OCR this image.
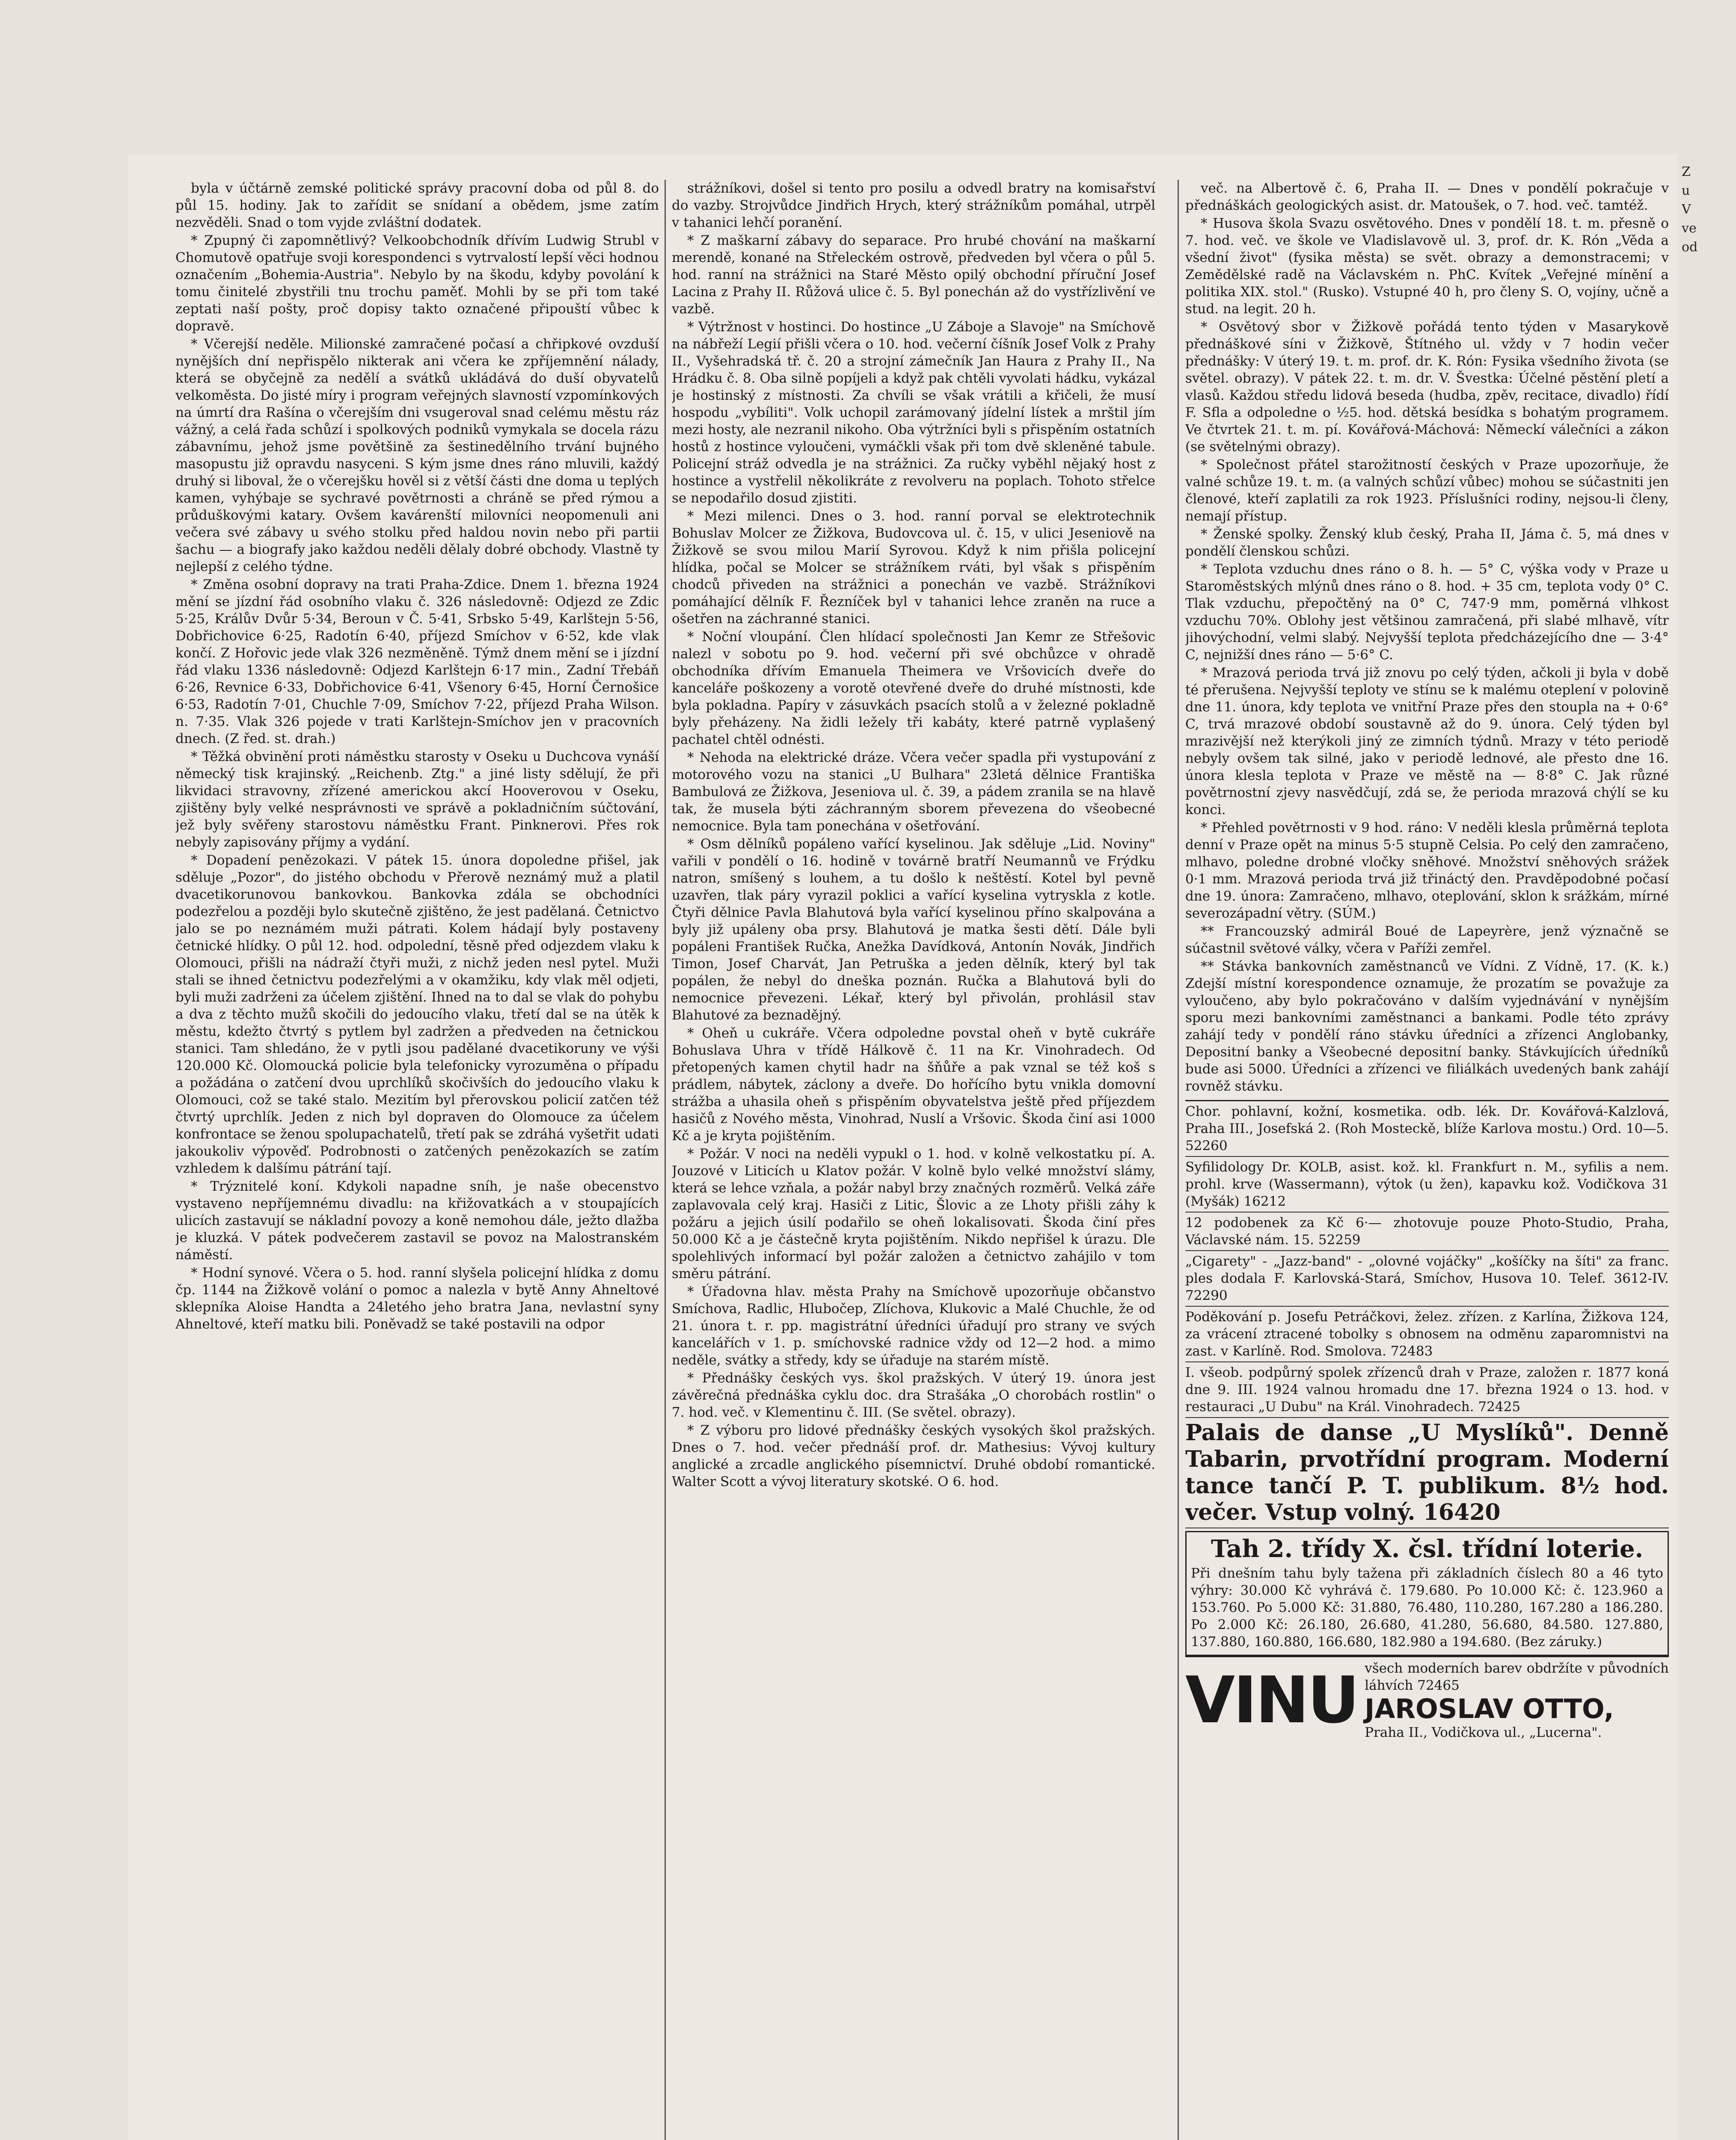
byla v účtárně zemské politické správy pracovní doba od půl 8. do půl 15. hodiny. Jak to zařídit se snídaní a obědem, jsme zatím nezvěděli. Snad o tom vyjde zvláštní dodatek.

* Zpupný či zapomnětlivý? Velkoobchodník dřívím Ludwig Strubl v Chomutově opatřuje svoji korespondenci s vytrvalostí lepší věci hodnou označením „Bohemia-Austria". Nebylo by na škodu, kdyby povolání k tomu činitelé zbystřili tnu trochu paměť. Mohli by se při tom také zeptati naší pošty, proč dopisy takto označené připouští vůbec k dopravě.

* Včerejší neděle. Milionské zamračené počasí a chřipkové ovzduší nynějších dní nepřispělo nikterak ani včera ke zpříjemnění nálady, která se obyčejně za nedělí a svátků ukládává do duší obyvatelů velkoměsta. Do jisté míry i program veřejných slavností vzpomínkových na úmrtí dra Rašína o včerejším dni vsugeroval snad celému městu ráz vážný, a celá řada schůzí i spolkových podniků vymykala se docela rázu zábavnímu, jehož jsme povětšině za šestinedělního trvání bujného masopustu již opravdu nasyceni. S kým jsme dnes ráno mluvili, každý druhý si liboval, že o včerejšku hověl si z větší části dne doma u teplých kamen, vyhýbaje se sychravé povětrnosti a chráně se před rýmou a průduškovými katary. Ovšem kavárenští milovníci neopomenuli ani večera své zábavy u svého stolku před haldou novin nebo při partii šachu — a biografy jako každou neděli dělaly dobré obchody. Vlastně ty nejlepší z celého týdne.

* Změna osobní dopravy na trati Praha-Zdice. Dnem 1. března 1924 mění se jízdní řád osobního vlaku č. 326 následovně: Odjezd ze Zdic 5·25, Králův Dvůr 5·34, Beroun v Č. 5·41, Srbsko 5·49, Karlštejn 5·56, Dobřichovice 6·25, Radotín 6·40, příjezd Smíchov v 6·52, kde vlak končí. Z Hořovic jede vlak 326 nezměněně. Týmž dnem mění se i jízdní řád vlaku 1336 následovně: Odjezd Karlštejn 6·17 min., Zadní Třebáň 6·26, Revnice 6·33, Dobřichovice 6·41, Všenory 6·45, Horní Černošice 6·53, Radotín 7·01, Chuchle 7·09, Smíchov 7·22, příjezd Praha Wilson. n. 7·35. Vlak 326 pojede v trati Karlštejn-Smíchov jen v pracovních dnech. (Z řed. st. drah.)

* Těžká obvinění proti náměstku starosty v Oseku u Duchcova vynáší německý tisk krajinský. „Reichenb. Ztg." a jiné listy sdělují, že při likvidaci stravovny, zřízené americkou akcí Hooverovou v Oseku, zjištěny byly velké nesprávnosti ve správě a pokladničním súčtování, jež byly svěřeny starostovu náměstku Frant. Pinknerovi. Přes rok nebyly zapisovány příjmy a vydání.

* Dopadení penězokazi. V pátek 15. února dopoledne přišel, jak sděluje „Pozor", do jistého obchodu v Přerově neznámý muž a platil dvacetikorunovou bankovkou. Bankovka zdála se obchodníci podezřelou a později bylo skutečně zjištěno, že jest padělaná. Četnictvo jalo se po neznámém muži pátrati. Kolem hádají byly postaveny četnické hlídky. O půl 12. hod. odpolední, těsně před odjezdem vlaku k Olomouci, přišli na nádraží čtyři muži, z nichž jeden nesl pytel. Muži stali se ihned četnictvu podezřelými a v okamžiku, kdy vlak měl odjeti, byli muži zadrženi za účelem zjištění. Ihned na to dal se vlak do pohybu a dva z těchto mužů skočili do jedoucího vlaku, třetí dal se na útěk k městu, kdežto čtvrtý s pytlem byl zadržen a předveden na četnickou stanici. Tam shledáno, že v pytli jsou padělané dvacetikoruny ve výši 120.000 Kč. Olomoucká policie byla telefonicky vyrozuměna o případu a požádána o zatčení dvou uprchlíků skočivších do jedoucího vlaku k Olomouci, což se také stalo. Mezitím byl přerovskou policií zatčen též čtvrtý uprchlík. Jeden z nich byl dopraven do Olomouce za účelem konfrontace se ženou spolupachatelů, třetí pak se zdráhá vyšetřit udati jakoukoliv výpověď. Podrobnosti o zatčených penězokazích se zatím vzhledem k dalšímu pátrání tají.

* Trýznitelé koní. Kdykoli napadne sníh, je naše obecenstvo vystaveno nepříjemnému divadlu: na křižovatkách a v stoupajících ulicích zastavují se nákladní povozy a koně nemohou dále, ježto dlažba je kluzká. V pátek podvečerem zastavil se povoz na Malostranském náměstí.

* Hodní synové. Včera o 5. hod. ranní slyšela policejní hlídka z domu čp. 1144 na Žižkově volání o pomoc a nalezla v bytě Anny Ahneltové sklepníka Aloise Handta a 24letého jeho bratra Jana, nevlastní syny Ahneltové, kteří matku bili. Poněvadž se také postavili na odpor

strážníkovi, došel si tento pro posilu a odvedl bratry na komisařství do vazby. Strojvůdce Jindřich Hrych, který strážníkům pomáhal, utrpěl v tahanici lehčí poranění.

* Z maškarní zábavy do separace. Pro hrubé chování na maškarní merendě, konané na Střeleckém ostrově, předveden byl včera o půl 5. hod. ranní na strážnici na Staré Město opilý obchodní příruční Josef Lacina z Prahy II. Růžová ulice č. 5. Byl ponechán až do vystřízlivění ve vazbě.

* Výtržnost v hostinci. Do hostince „U Záboje a Slavoje" na Smíchově na nábřeží Legií přišli včera o 10. hod. večerní číšník Josef Volk z Prahy II., Vyšehradská tř. č. 20 a strojní zámečník Jan Haura z Prahy II., Na Hrádku č. 8. Oba silně popíjeli a když pak chtěli vyvolati hádku, vykázal je hostinský z místnosti. Za chvíli se však vrátili a křičeli, že musí hospodu „vybíliti". Volk uchopil zarámovaný jídelní lístek a mrštil jím mezi hosty, ale nezranil nikoho. Oba výtržníci byli s přispěním ostatních hostů z hostince vyloučeni, vymáčkli však při tom dvě skleněné tabule. Policejní stráž odvedla je na strážnici. Za ručky vyběhl nějaký host z hostince a vystřelil několikráte z revolveru na poplach. Tohoto střelce se nepodařilo dosud zjistiti.

* Mezi milenci. Dnes o 3. hod. ranní porval se elektrotechnik Bohuslav Molcer ze Žižkova, Budovcova ul. č. 15, v ulici Jeseniově na Žižkově se svou milou Marií Syrovou. Když k nim přišla policejní hlídka, počal se Molcer se strážníkem rváti, byl však s přispěním chodců přiveden na strážnici a ponechán ve vazbě. Strážníkovi pomáhající dělník F. Řezníček byl v tahanici lehce zraněn na ruce a ošetřen na záchranné stanici.

* Noční vloupání. Člen hlídací společnosti Jan Kemr ze Střešovic nalezl v sobotu po 9. hod. večerní při své obchůzce v ohradě obchodníka dřívím Emanuela Theimera ve Vršovicích dveře do kanceláře poškozeny a vorotě otevřené dveře do druhé místnosti, kde byla pokladna. Papíry v zásuvkách psacích stolů a v železné pokladně byly přeházeny. Na židli ležely tři kabáty, které patrně vyplašený pachatel chtěl odnésti.

* Nehoda na elektrické dráze. Včera večer spadla při vystupování z motorového vozu na stanici „U Bulhara" 23letá dělnice Františka Bambulová ze Žižkova, Jeseniova ul. č. 39, a pádem zranila se na hlavě tak, že musela býti záchranným sborem převezena do všeobecné nemocnice. Byla tam ponechána v ošetřování.

* Osm dělníků popáleno vařící kyselinou. Jak sděluje „Lid. Noviny" vařili v pondělí o 16. hodině v továrně bratří Neumannů ve Frýdku natron, smíšený s louhem, a tu došlo k neštěstí. Kotel byl pevně uzavřen, tlak páry vyrazil poklici a vařící kyselina vytryskla z kotle. Čtyři dělnice Pavla Blahutová byla vařící kyselinou příno skalpována a byly již upáleny oba prsy. Blahutová je matka šesti dětí. Dále byli popáleni František Ručka, Anežka Davídková, Antonín Novák, Jindřich Timon, Josef Charvát, Jan Petruška a jeden dělník, který byl tak popálen, že nebyl do dneška poznán. Ručka a Blahutová byli do nemocnice převezeni. Lékař, který byl přivolán, prohlásil stav Blahutové za beznadějný.

* Oheň u cukráře. Včera odpoledne povstal oheň v bytě cukráře Bohuslava Uhra v třídě Hálkově č. 11 na Kr. Vinohradech. Od přetopených kamen chytil hadr na šňůře a pak vznal se též koš s prádlem, nábytek, záclony a dveře. Do hořícího bytu vnikla domovní strážba a uhasila oheň s přispěním obyvatelstva ještě před příjezdem hasičů z Nového města, Vinohrad, Nuslí a Vršovic. Škoda činí asi 1000 Kč a je kryta pojištěním.

* Požár. V noci na neděli vypukl o 1. hod. v kolně velkostatku pí. A. Jouzové v Liticích u Klatov požár. V kolně bylo velké množství slámy, která se lehce vzňala, a požár nabyl brzy značných rozměrů. Velká záře zaplavovala celý kraj. Hasiči z Litic, Šlovic a ze Lhoty přišli záhy k požáru a jejich úsilí podařilo se oheň lokalisovati. Škoda činí přes 50.000 Kč a je částečně kryta pojištěním. Nikdo nepřišel k úrazu. Dle spolehlivých informací byl požár založen a četnictvo zahájilo v tom směru pátrání.

* Úřadovna hlav. města Prahy na Smíchově upozorňuje občanstvo Smíchova, Radlic, Hlubočep, Zlíchova, Klukovic a Malé Chuchle, že od 21. února t. r. pp. magistrátní úředníci úřadují pro strany ve svých kancelářích v 1. p. smíchovské radnice vždy od 12—2 hod. a mimo neděle, svátky a středy, kdy se úřaduje na starém místě.

* Přednášky českých vys. škol pražských. V úterý 19. února jest závěrečná přednáška cyklu doc. dra Strašáka „O chorobách rostlin" o 7. hod. več. v Klementinu č. III. (Se světel. obrazy).

* Z výboru pro lidové přednášky českých vysokých škol pražských. Dnes o 7. hod. večer přednáší prof. dr. Mathesius: Vývoj kultury anglické a zrcadle anglického písemnictví. Druhé období romantické. Walter Scott a vývoj literatury skotské. O 6. hod.

več. na Albertově č. 6, Praha II. — Dnes v pondělí pokračuje v přednáškách geologických asist. dr. Matoušek, o 7. hod. več. tamtéž.

* Husova škola Svazu osvětového. Dnes v pondělí 18. t. m. přesně o 7. hod. več. ve škole ve Vladislavově ul. 3, prof. dr. K. Rón „Věda a všední život" (fysika města) se svět. obrazy a demonstracemi; v Zemědělské radě na Václavském n. PhC. Kvítek „Veřejné mínění a politika XIX. stol." (Rusko). Vstupné 40 h, pro členy S. O, vojíny, učně a stud. na legit. 20 h.

* Osvětový sbor v Žižkově pořádá tento týden v Masarykově přednáškové síni v Žižkově, Štítného ul. vždy v 7 hodin večer přednášky: V úterý 19. t. m. prof. dr. K. Rón: Fysika všedního života (se světel. obrazy). V pátek 22. t. m. dr. V. Švestka: Účelné pěstění pletí a vlasů. Každou středu lidová beseda (hudba, zpěv, recitace, divadlo) řídí F. Sfla a odpoledne o ½5. hod. dětská besídka s bohatým programem. Ve čtvrtek 21. t. m. pí. Kovářová-Máchová: Německí válečníci a zákon (se světelnými obrazy).

* Společnost přátel starožitností českých v Praze upozorňuje, že valné schůze 19. t. m. (a valných schůzí vůbec) mohou se súčastniti jen členové, kteří zaplatili za rok 1923. Příslušníci rodiny, nejsou-li členy, nemají přístup.

* Ženské spolky. Ženský klub český, Praha II, Jáma č. 5, má dnes v pondělí členskou schůzi.

* Teplota vzduchu dnes ráno o 8. h. — 5° C, výška vody v Praze u Staroměstských mlýnů dnes ráno o 8. hod. + 35 cm, teplota vody 0° C. Tlak vzduchu, přepočtěný na 0° C, 747·9 mm, poměrná vlhkost vzduchu 70%. Oblohy jest většinou zamračená, při slabé mlhavě, vítr jihovýchodní, velmi slabý. Nejvyšší teplota předcházejícího dne — 3·4° C, nejnižší dnes ráno — 5·6° C.

* Mrazová perioda trvá již znovu po celý týden, ačkoli ji byla v době té přerušena. Nejvyšší teploty ve stínu se k malému oteplení v polovině dne 11. února, kdy teplota ve vnitřní Praze přes den stoupla na + 0·6° C, trvá mrazové období soustavně až do 9. února. Celý týden byl mrazivější než kterýkoli jiný ze zimních týdnů. Mrazy v této periodě nebyly ovšem tak silné, jako v periodě lednové, ale přesto dne 16. února klesla teplota v Praze ve městě na — 8·8° C. Jak různé povětrnostní zjevy nasvědčují, zdá se, že perioda mrazová chýlí se ku konci.

* Přehled povětrnosti v 9 hod. ráno: V neděli klesla průměrná teplota denní v Praze opět na minus 5·5 stupně Celsia. Po celý den zamračeno, mlhavo, poledne drobné vločky sněhové. Množství sněhových srážek 0·1 mm. Mrazová perioda trvá již třináctý den. Pravděpodobné počasí dne 19. února: Zamračeno, mlhavo, oteplování, sklon k srážkám, mírné severozápadní větry. (SÚM.)

** Francouzský admirál Boué de Lapeyrère, jenž význačně se súčastnil světové války, včera v Paříži zemřel.

** Stávka bankovních zaměstnanců ve Vídni. Z Vídně, 17. (K. k.) Zdejší místní korespondence oznamuje, že prozatím se považuje za vyloučeno, aby bylo pokračováno v dalším vyjednávání v nynějším sporu mezi bankovními zaměstnanci a bankami. Podle této zprávy zahájí tedy v pondělí ráno stávku úředníci a zřízenci Anglobanky, Depositní banky a Všeobecné depositní banky. Stávkujících úředníků bude asi 5000. Úředníci a zřízenci ve filiálkách uvedených bank zahájí rovněž stávku.

Chor. pohlavní, kožní, kosmetika. odb. lék. Dr. Kovářová-Kalzlová, Praha III., Josefská 2. (Roh Mosteckě, blíže Karlova mostu.) Ord. 10—5. 52260
Syfilidology Dr. KOLB, asist. kož. kl. Frankfurt n. M., syfilis a nem. prohl. krve (Wassermann), výtok (u žen), kapavku kož. Vodičkova 31 (Myšák) 16212
12 podobenek za Kč 6·— zhotovuje pouze Photo-Studio, Praha, Václavské nám. 15. 52259
„Cigarety" - „Jazz-band" - „olovné vojáčky" „košíčky na šíti" za franc. ples dodala F. Karlovská-Stará, Smíchov, Husova 10. Telef. 3612-IV. 72290
Poděkování p. Josefu Petráčkovi, želez. zřízen. z Karlína, Žižkova 124, za vrácení ztracené tobolky s obnosem na odměnu zaparomnistvi na zast. v Karlíně. Rod. Smolova. 72483
I. všeob. podpůrný spolek zřízenců drah v Praze, založen r. 1877 koná dne 9. III. 1924 valnou hromadu dne 17. března 1924 o 13. hod. v restauraci „U Dubu" na Král. Vinohradech. 72425
Palais de danse „U Myslíků". Denně Tabarin, prvotřídní program. Moderní tance tančí P. T. publikum. 8½ hod. večer. Vstup volný. 16420
Tah 2. třídy X. čsl. třídní loterie.
Při dnešním tahu byly tažena při základních číslech 80 a 46 tyto výhry: 30.000 Kč vyhrává č. 179.680. Po 10.000 Kč: č. 123.960 a 153.760. Po 5.000 Kč: 31.880, 76.480, 110.280, 167.280 a 186.280. Po 2.000 Kč: 26.180, 26.680, 41.280, 56.680, 84.580. 127.880, 137.880, 160.880, 166.680, 182.980 a 194.680. (Bez záruky.)
VINU všech moderních barev obdržíte v původních láhvích 72465
JAROSLAV OTTO,
Praha II., Vodičkova ul., „Lucerna".
Z
u
V
ve
od
